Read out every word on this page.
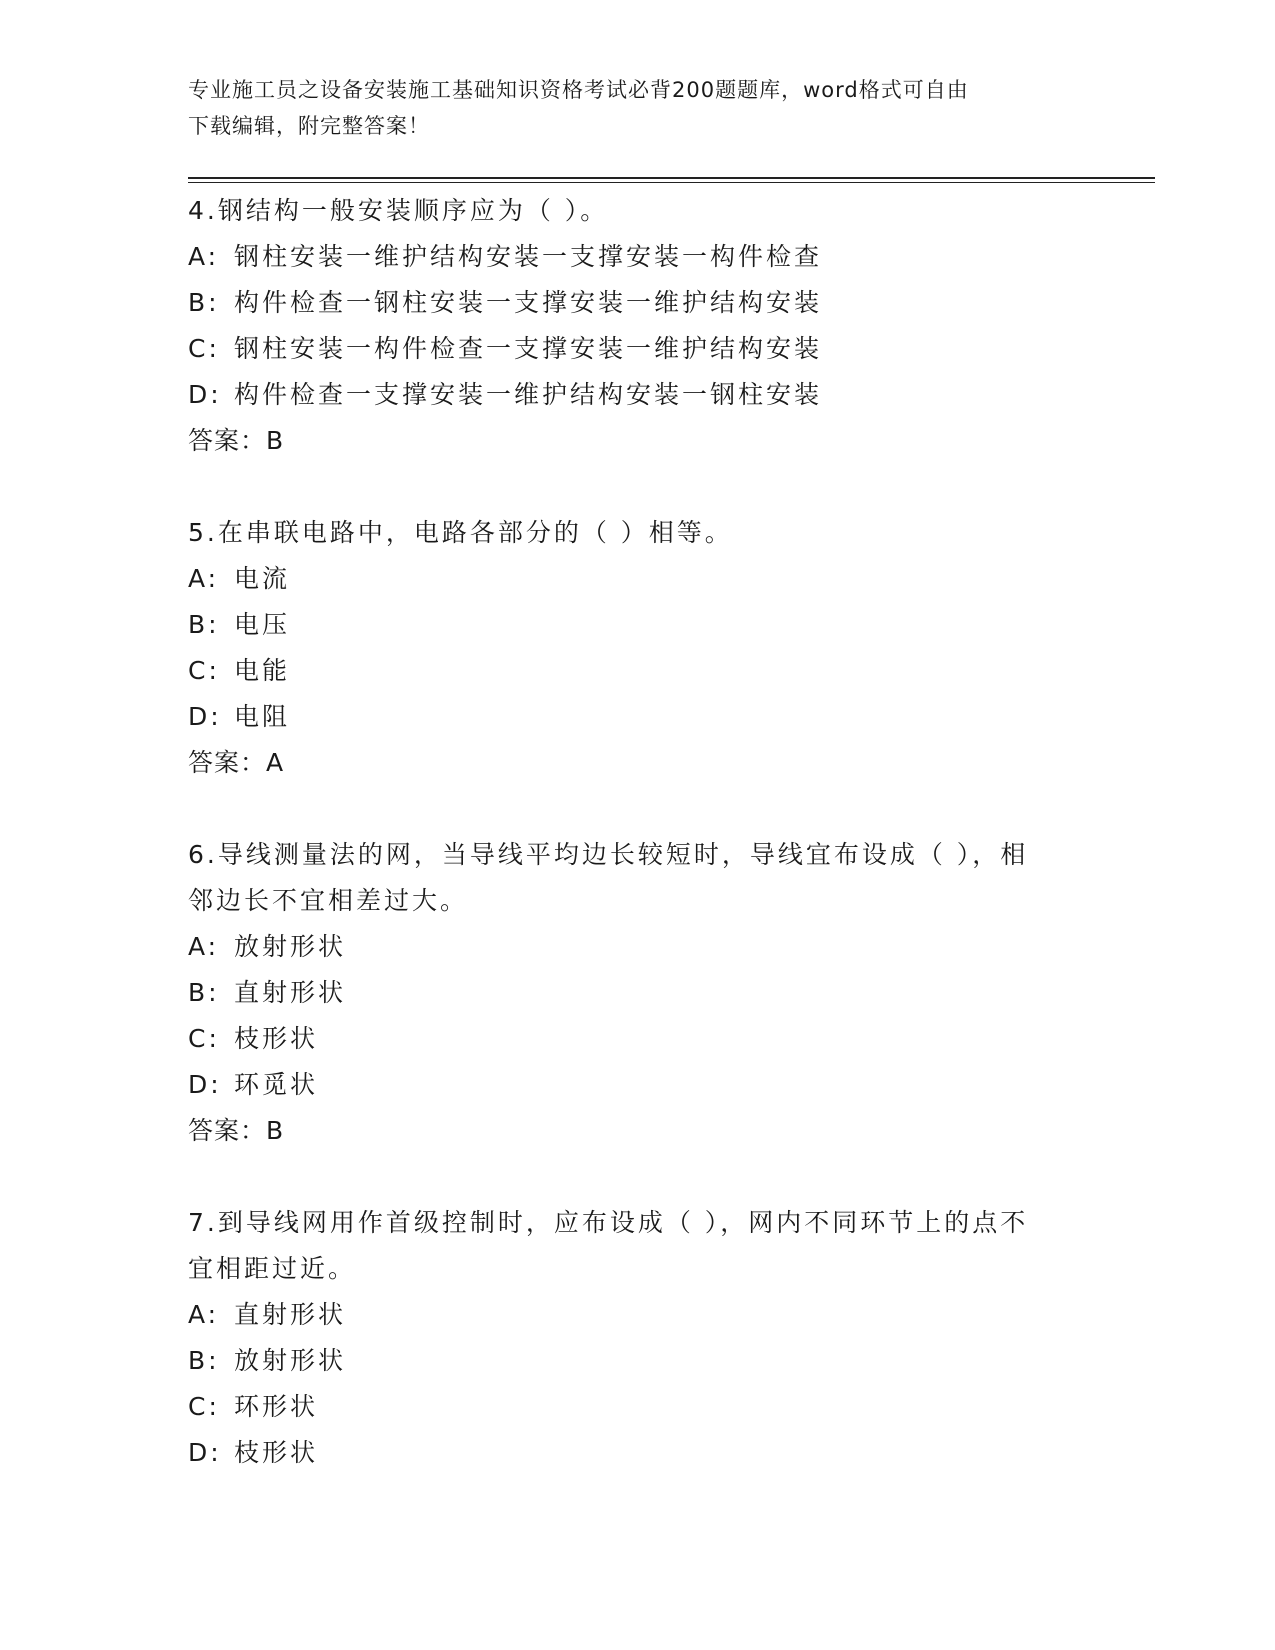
专业施工员之设备安装施工基础知识资格考试必背200题题库，word格式可自由
下载编辑，附完整答案！
4.钢结构一般安装顺序应为（ ）。
A: 钢柱安装一维护结构安装一支撑安装一构件检查
B: 构件检查一钢柱安装一支撑安装一维护结构安装
C: 钢柱安装一构件检查一支撑安装一维护结构安装
D: 构件检查一支撑安装一维护结构安装一钢柱安装
答案：B
5.在串联电路中，电路各部分的（ ）相等。
A: 电流
B: 电压
C: 电能
D: 电阻
答案：A
6.导线测量法的网，当导线平均边长较短时，导线宜布设成（ ），相
邻边长不宜相差过大。
A: 放射形状
B: 直射形状
C: 枝形状
D: 环觅状
答案：B
7.到导线网用作首级控制时，应布设成（ ），网内不同环节上的点不
宜相距过近。
A: 直射形状
B: 放射形状
C: 环形状
D: 枝形状
